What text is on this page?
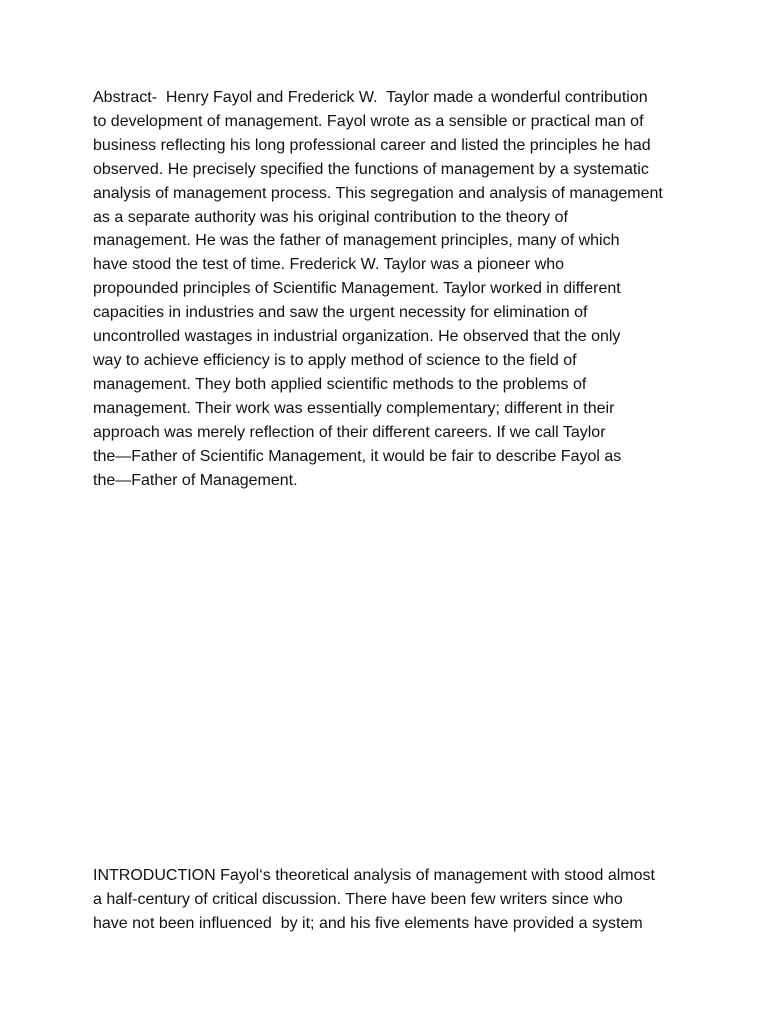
Abstract-  Henry Fayol and Frederick W.  Taylor made a wonderful contribution
to development of management. Fayol wrote as a sensible or practical man of
business reflecting his long professional career and listed the principles he had
observed. He precisely specified the functions of management by a systematic
analysis of management process. This segregation and analysis of management
as a separate authority was his original contribution to the theory of
management. He was the father of management principles, many of which
have stood the test of time. Frederick W. Taylor was a pioneer who
propounded principles of Scientific Management. Taylor worked in different
capacities in industries and saw the urgent necessity for elimination of
uncontrolled wastages in industrial organization. He observed that the only
way to achieve efficiency is to apply method of science to the field of
management. They both applied scientific methods to the problems of
management. Their work was essentially complementary; different in their
approach was merely reflection of their different careers. If we call Taylor
the—Father of Scientific Management, it would be fair to describe Fayol as
the—Father of Management.

INTRODUCTION Fayol‘s theoretical analysis of management with stood almost
a half-century of critical discussion. There have been few writers since who
have not been influenced  by it; and his five elements have provided a system
